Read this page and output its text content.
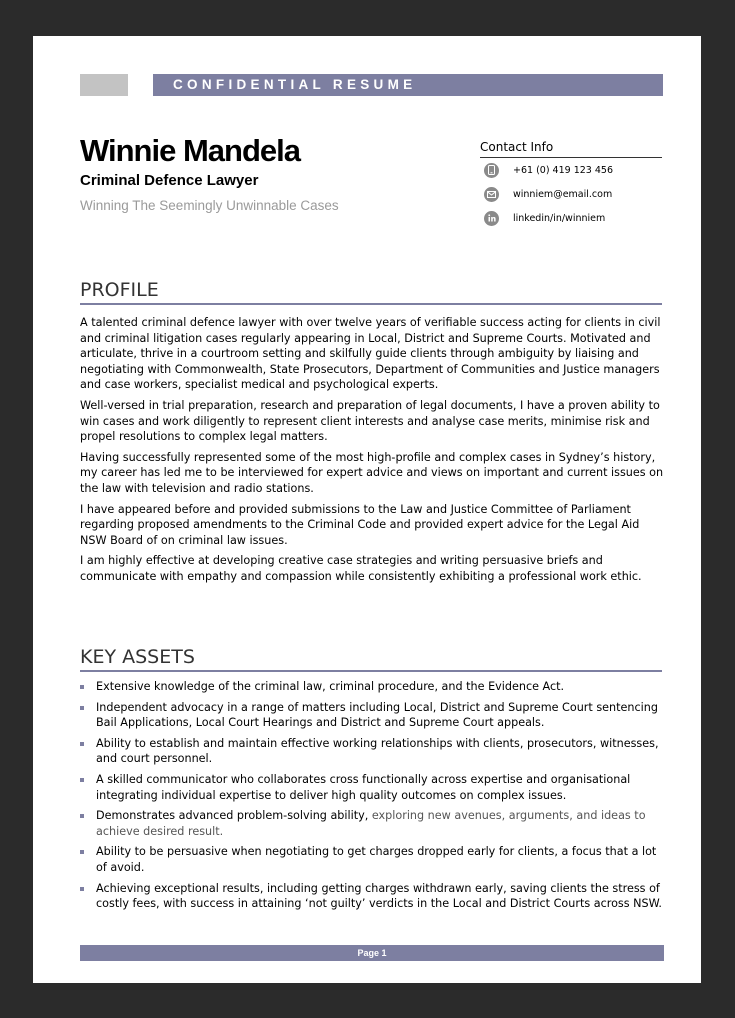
CONFIDENTIAL RESUME
Winnie Mandela
Criminal Defence Lawyer
Winning The Seemingly Unwinnable Cases
Contact Info
+61 (0) 419 123 456
winniem@email.com
linkedin/in/winniem
PROFILE

A talented criminal defence lawyer with over twelve years of verifiable success acting for clients in civil and criminal litigation cases regularly appearing in Local, District and Supreme Courts. Motivated and articulate, thrive in a courtroom setting and skilfully guide clients through ambiguity by liaising and negotiating with Commonwealth, State Prosecutors, Department of Communities and Justice managers and case workers, specialist medical and psychological experts.

Well-versed in trial preparation, research and preparation of legal documents, I have a proven ability to win cases and work diligently to represent client interests and analyse case merits, minimise risk and propel resolutions to complex legal matters.

Having successfully represented some of the most high-profile and complex cases in Sydney’s history, my career has led me to be interviewed for expert advice and views on important and current issues on the law with television and radio stations.

I have appeared before and provided submissions to the Law and Justice Committee of Parliament regarding proposed amendments to the Criminal Code and provided expert advice for the Legal Aid NSW Board of on criminal law issues.

I am highly effective at developing creative case strategies and writing persuasive briefs and communicate with empathy and compassion while consistently exhibiting a professional work ethic.

KEY ASSETS
Extensive knowledge of the criminal law, criminal procedure, and the Evidence Act.
Independent advocacy in a range of matters including Local, District and Supreme Court sentencing Bail Applications, Local Court Hearings and District and Supreme Court appeals.
Ability to establish and maintain effective working relationships with clients, prosecutors, witnesses, and court personnel.
A skilled communicator who collaborates cross functionally across expertise and organisational integrating individual expertise to deliver high quality outcomes on complex issues.
Demonstrates advanced problem-solving ability, exploring new avenues, arguments, and ideas to achieve desired result.
Ability to be persuasive when negotiating to get charges dropped early for clients, a focus that a lot of avoid.
Achieving exceptional results, including getting charges withdrawn early, saving clients the stress of costly fees, with success in attaining ‘not guilty’ verdicts in the Local and District Courts across NSW.
Page 1
